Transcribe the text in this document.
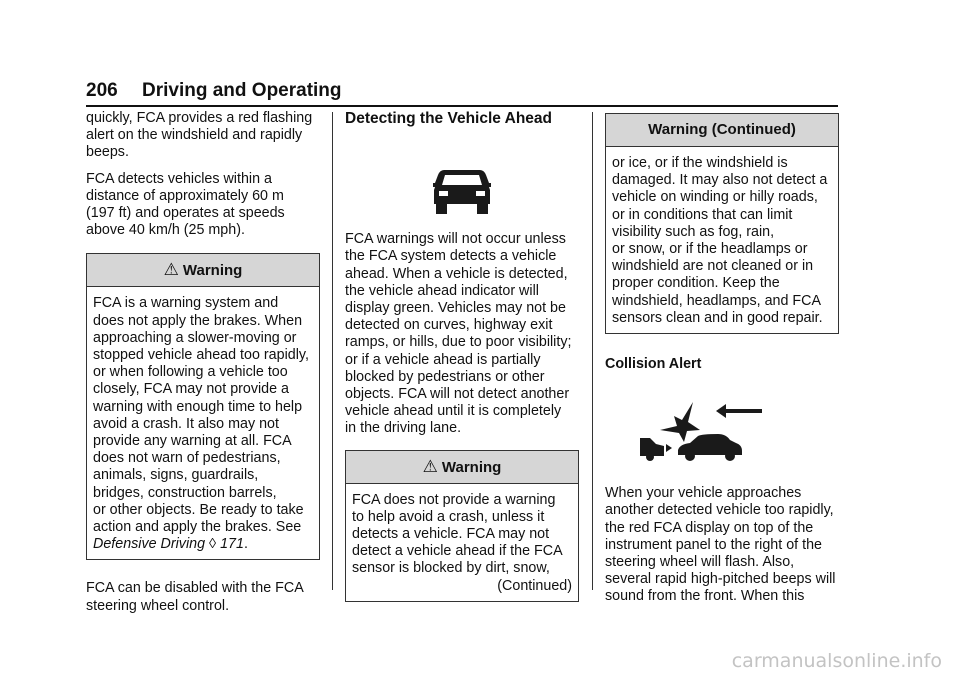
206 Driving and Operating

quickly, FCA provides a red flashing
alert on the windshield and rapidly
beeps.

FCA detects vehicles within a
distance of approximately 60 m
(197 ft) and operates at speeds
above 40 km/h (25 mph).

⚠ Warning
FCA is a warning system and
does not apply the brakes. When
approaching a slower-moving or
stopped vehicle ahead too rapidly,
or when following a vehicle too
closely, FCA may not provide a
warning with enough time to help
avoid a crash. It also may not
provide any warning at all. FCA
does not warn of pedestrians,
animals, signs, guardrails,
bridges, construction barrels,
or other objects. Be ready to take
action and apply the brakes. See
Defensive Driving ◊ 171.

FCA can be disabled with the FCA
steering wheel control.

Detecting the Vehicle Ahead

FCA warnings will not occur unless
the FCA system detects a vehicle
ahead. When a vehicle is detected,
the vehicle ahead indicator will
display green. Vehicles may not be
detected on curves, highway exit
ramps, or hills, due to poor visibility;
or if a vehicle ahead is partially
blocked by pedestrians or other
objects. FCA will not detect another
vehicle ahead until it is completely
in the driving lane.

⚠ Warning
FCA does not provide a warning
to help avoid a crash, unless it
detects a vehicle. FCA may not
detect a vehicle ahead if the FCA
sensor is blocked by dirt, snow,
(Continued)
Warning (Continued)
or ice, or if the windshield is
damaged. It may also not detect a
vehicle on winding or hilly roads,
or in conditions that can limit
visibility such as fog, rain,
or snow, or if the headlamps or
windshield are not cleaned or in
proper condition. Keep the
windshield, headlamps, and FCA
sensors clean and in good repair.
Collision Alert

When your vehicle approaches
another detected vehicle too rapidly,
the red FCA display on top of the
instrument panel to the right of the
steering wheel will flash. Also,
several rapid high-pitched beeps will
sound from the front. When this

carmanualsonline.info
